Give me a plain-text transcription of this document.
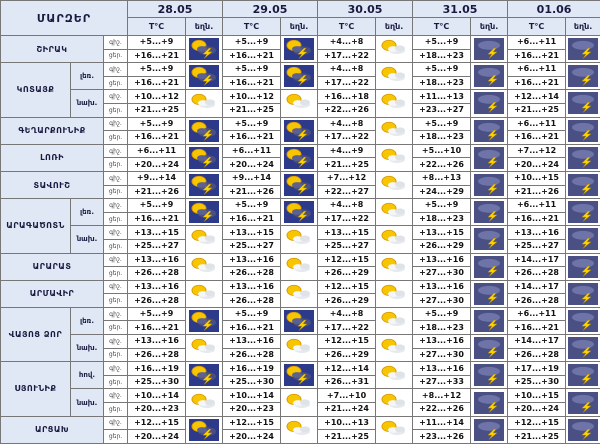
ՄԱՐԶԵՐ			28.05		29.05		30.05		31.05		01.06	
			T°C	եղն.	T°C	եղն.	T°C	եղն.	T°C	եղն.	T°C	եղն.
ՇԻՐԱԿ		գիշ.	+5...+9		+5...+9		+4...+8		+5...+9		+6...+11	

		ցեր.	+16...+21		+16...+21		+17...+22		+18...+23		+16...+21	
ԿՈՏԱՅՔ	լեռ.	գիշ.	+5...+9		+5...+9		+4...+8		+5...+9		+6...+11	

		ցեր.	+16...+21		+16...+21		+17...+22		+18...+23		+16...+21	
	նախ.	գիշ.	+10...+12		+10...+12		+16...+18		+11...+13		+12...+14	

		ցեր.	+21...+25		+21...+25		+22...+26		+23...+27		+21...+25	
ԳԵՂԱՐՔՈՒՆԻՔ		գիշ.	+5...+9		+5...+9		+4...+8		+5...+9		+6...+11	

		ցեր.	+16...+21		+16...+21		+17...+22		+18...+23		+16...+21	
ԼՈՌԻ		գիշ.	+6...+11		+6...+11		+4...+9		+5...+10		+7...+12	

		ցեր.	+20...+24		+20...+24		+21...+25		+22...+26		+20...+24	
ՏԱՎՈՒՇ		գիշ.	+9...+14		+9...+14		+7...+12		+8...+13		+10...+15	

		ցեր.	+21...+26		+21...+26		+22...+27		+24...+29		+21...+26	
ԱՐԱԳԱԾՈՏՆ	լեռ.	գիշ.	+5...+9		+5...+9		+4...+8		+5...+9		+6...+11	

		ցեր.	+16...+21		+16...+21		+17...+22		+18...+23		+16...+21	
	նախ.	գիշ.	+13...+15		+13...+15		+13...+15		+13...+15		+13...+16	

		ցեր.	+25...+27		+25...+27		+25...+27		+26...+29		+25...+27	
ԱՐԱՐԱՏ		գիշ.	+13...+16		+13...+16		+12...+15		+13...+16		+14...+17	

		ցեր.	+26...+28		+26...+28		+26...+29		+27...+30		+26...+28	
ԱՐՄԱՎԻՐ		գիշ.	+13...+16		+13...+16		+12...+15		+13...+16		+14...+17	

		ցեր.	+26...+28		+26...+28		+26...+29		+27...+30		+26...+28	
ՎԱՅՈՑ ՁՈՐ	լեռ.	գիշ.	+5...+9		+5...+9		+4...+8		+5...+9		+6...+11	

		ցեր.	+16...+21		+16...+21		+17...+22		+18...+23		+16...+21	
	նախ.	գիշ.	+13...+16		+13...+16		+12...+15		+13...+16		+14...+17	

		ցեր.	+26...+28		+26...+28		+26...+29		+27...+30		+26...+28	
ՍՅՈՒՆԻՔ	հով.	գիշ.	+16...+19		+16...+19		+12...+14		+13...+16		+17...+19	

		ցեր.	+25...+30		+25...+30		+26...+31		+27...+33		+25...+30	
	նախ.	գիշ.	+10...+14		+10...+14		+7...+10		+8...+12		+10...+15	

		ցեր.	+20...+23		+20...+23		+21...+24		+22...+26		+20...+24	
ԱՐՑԱԽ		գիշ.	+12...+15		+12...+15		+10...+13		+11...+14		+12...+15	

		ցեր.	+20...+24		+20...+24		+21...+25		+23...+26		+21...+25	
